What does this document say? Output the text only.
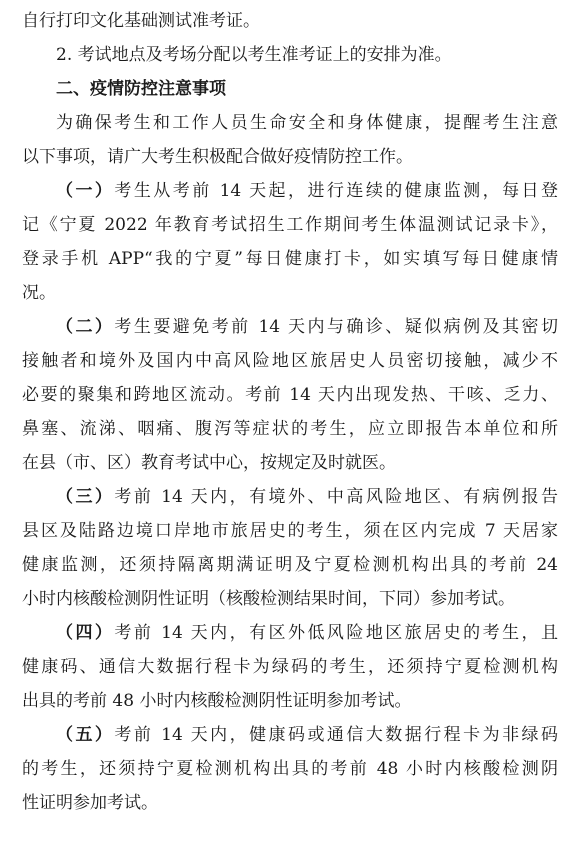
自行打印文化基础测试准考证。
2. 考试地点及考场分配以考生准考证上的安排为准。
二、疫情防控注意事项
为确保考生和工作人员生命安全和身体健康，提醒考生注意
以下事项，请广大考生积极配合做好疫情防控工作。
（一）考生从考前 14 天起，进行连续的健康监测，每日登
记《宁夏 2022 年教育考试招生工作期间考生体温测试记录卡》，
登录手机 APP“我的宁夏”每日健康打卡，如实填写每日健康情
况。
（二）考生要避免考前 14 天内与确诊、疑似病例及其密切
接触者和境外及国内中高风险地区旅居史人员密切接触，减少不
必要的聚集和跨地区流动。考前 14 天内出现发热、干咳、乏力、
鼻塞、流涕、咽痛、腹泻等症状的考生，应立即报告本单位和所
在县（市、区）教育考试中心，按规定及时就医。
（三）考前 14 天内，有境外、中高风险地区、有病例报告
县区及陆路边境口岸地市旅居史的考生，须在区内完成 7 天居家
健康监测，还须持隔离期满证明及宁夏检测机构出具的考前 24
小时内核酸检测阴性证明（核酸检测结果时间，下同）参加考试。
（四）考前 14 天内，有区外低风险地区旅居史的考生，且
健康码、通信大数据行程卡为绿码的考生，还须持宁夏检测机构
出具的考前 48 小时内核酸检测阴性证明参加考试。
（五）考前 14 天内，健康码或通信大数据行程卡为非绿码
的考生，还须持宁夏检测机构出具的考前 48 小时内核酸检测阴
性证明参加考试。
